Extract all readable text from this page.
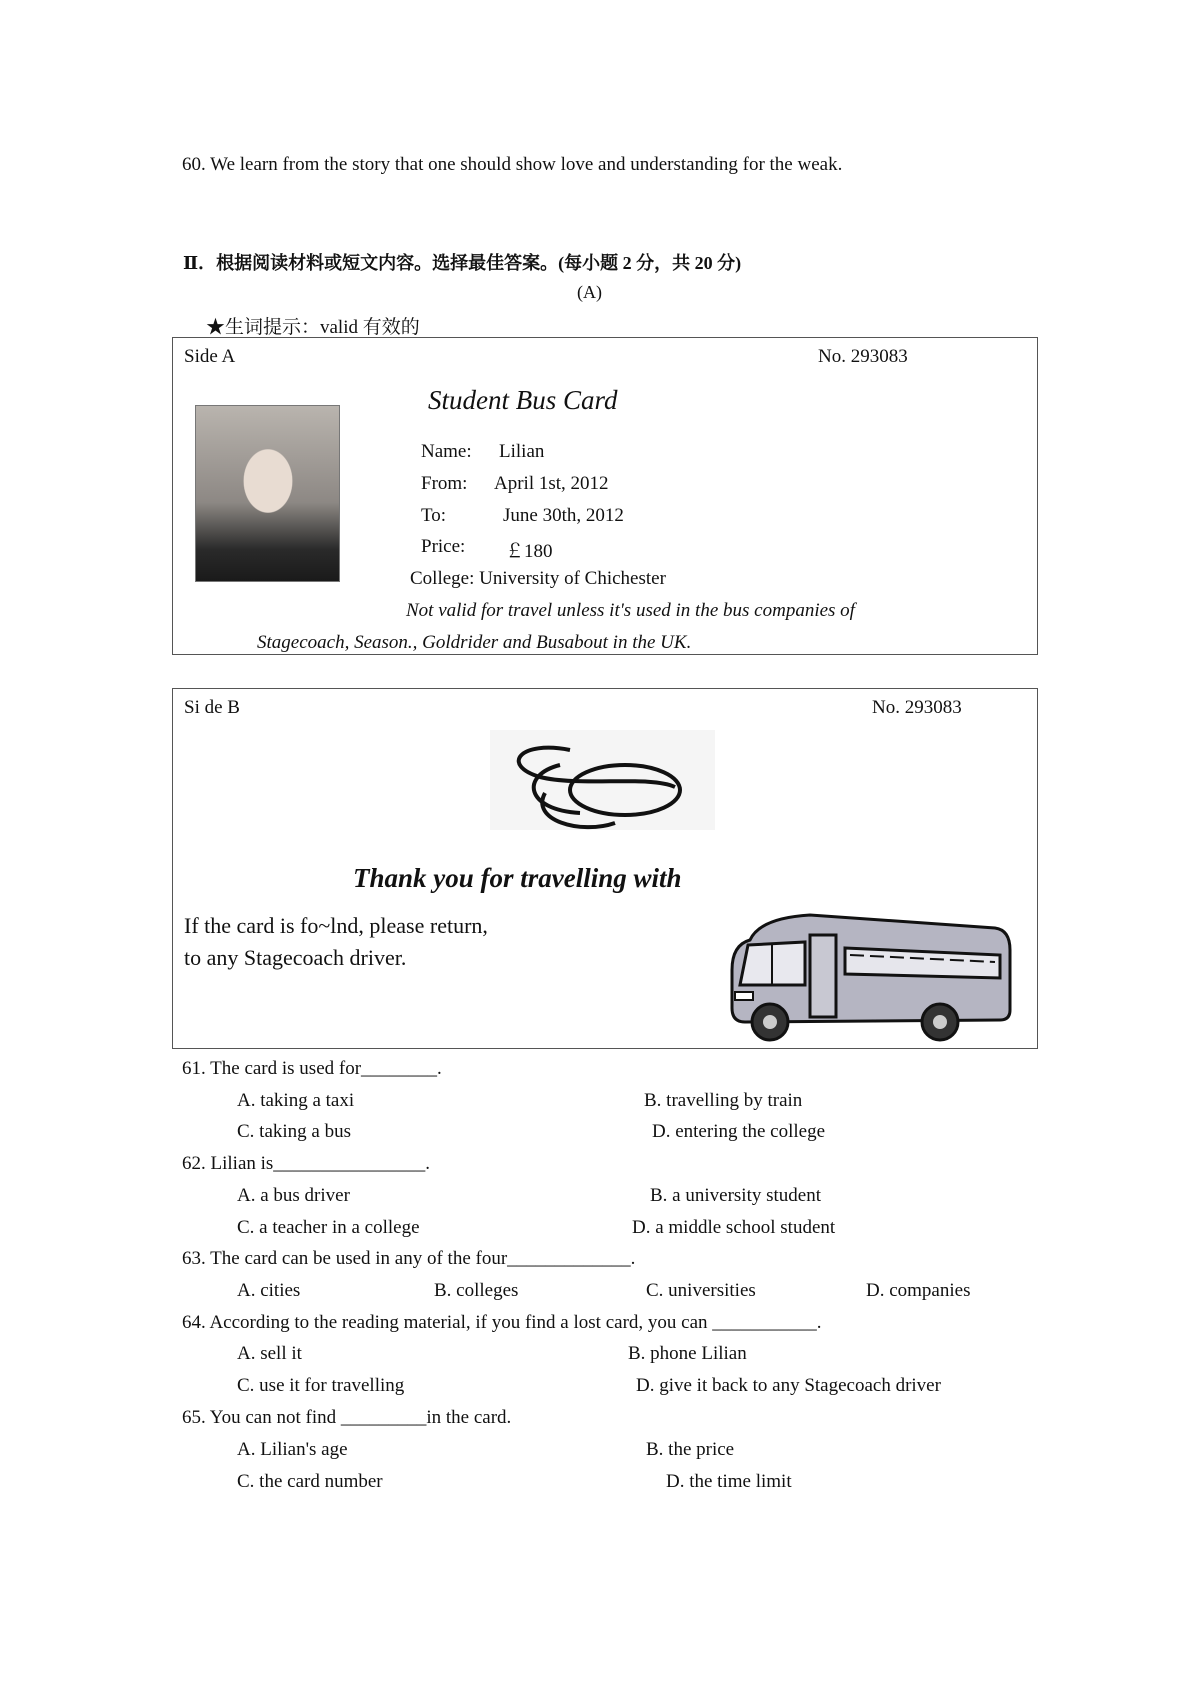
60. We learn from the story that one should show love and understanding for the weak.
Ⅱ．根据阅读材料或短文内容。选择最佳答案。(每小题 2 分，共 20 分)
(A)
★生词提示：valid 有效的
Side A	No. 293083
Student Bus Card
Name: Lilian
From: April 1st, 2012
To:	June 30th, 2012
Price: ￡180
College: University of Chichester
Not valid for travel unless it's used in the bus companies of
Stagecoach, Season., Goldrider and Busabout in the UK.
Si de B	No. 293083
Thank you for travelling with
If the card is fo~lnd, please return,
to any Stagecoach driver.
61. The card is used for________.
A. taking a taxi	B. travelling by train
C. taking a bus	D. entering the college
62. Lilian is________________.
A. a bus driver	B. a university student
C. a teacher in a college	D. a middle school student
63. The card can be used in any of the four_____________.
A. cities	B. colleges	C. universities	D. companies
64. According to the reading material, if you find a lost card, you can ___________.
A. sell it	B. phone Lilian
C. use it for travelling	D. give it back to any Stagecoach driver
65. You can not find _________in the card.
A. Lilian's age	B. the price
C. the card number	D. the time limit
